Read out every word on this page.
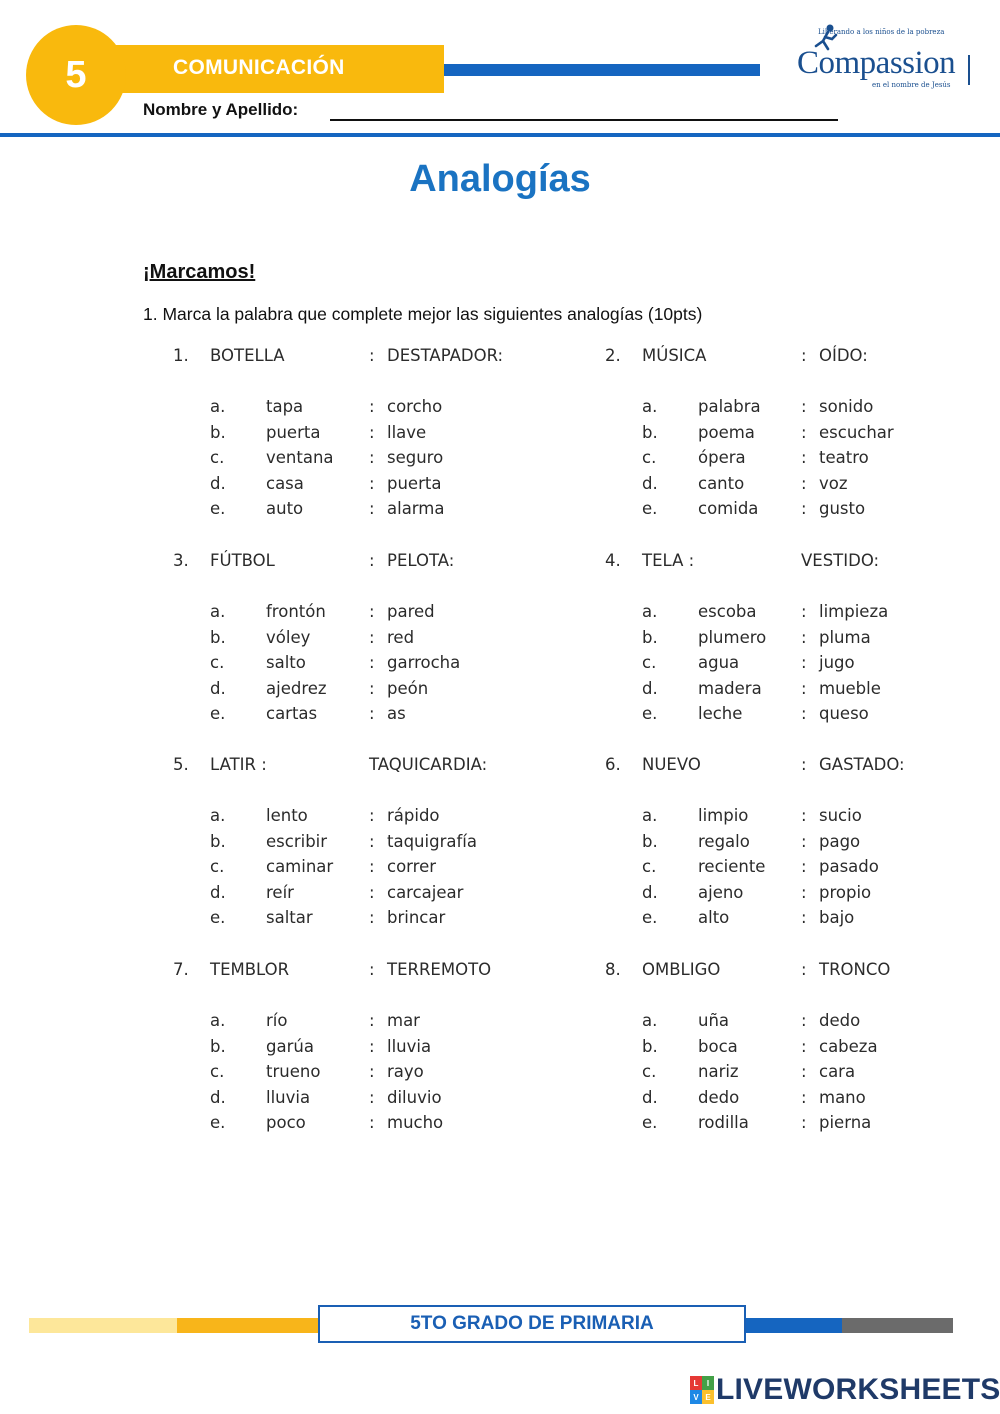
5	COMUNICACIÓN
Liberando a los niños de la pobreza
Compassion
en el nombre de Jesús
Nombre y Apellido:
Analogías
¡Marcamos!
1. Marca la palabra que complete mejor las siguientes analogías (10pts)
1. BOTELLA	: DESTAPADOR:
a. tapa	: corcho
b. puerta	: llave
c.	ventana : seguro
d. casa	: puerta
e. auto	: alarma
2. MÚSICA	: OÍDO:
a. palabra : sonido
b. poema	: escuchar
c.	ópera	: teatro
d. canto	: voz
e. comida	: gusto
3. FÚTBOL	: PELOTA:
a. frontón	: pared
b. vóley	: red
c.	salto	: garrocha
d. ajedrez	: peón
e. cartas	: as
4. TELA :	VESTIDO:
a. escoba	: limpieza
b. plumero : pluma
c.	agua	: jugo
d. madera : mueble
e. leche	: queso
5. LATIR :	TAQUICARDIA:
a. lento	: rápido
b. escribir	: taquigrafía
c.	caminar : correr
d. reír	: carcajear
e. saltar	: brincar
6. NUEVO	: GASTADO:
a. limpio	: sucio
b. regalo	: pago
c.	reciente : pasado
d. ajeno	: propio
e. alto	: bajo
7. TEMBLOR	: TERREMOTO
a. río	: mar
b. garúa	: lluvia
c.	trueno	: rayo
d. lluvia	: diluvio
e. poco	: mucho
8. OMBLIGO	: TRONCO
a. uña	: dedo
b. boca	: cabeza
c.	nariz	: cara
d. dedo	: mano
e. rodilla	: pierna
5TO GRADO DE PRIMARIA
L	I
V E LIVEWORKSHEETS
